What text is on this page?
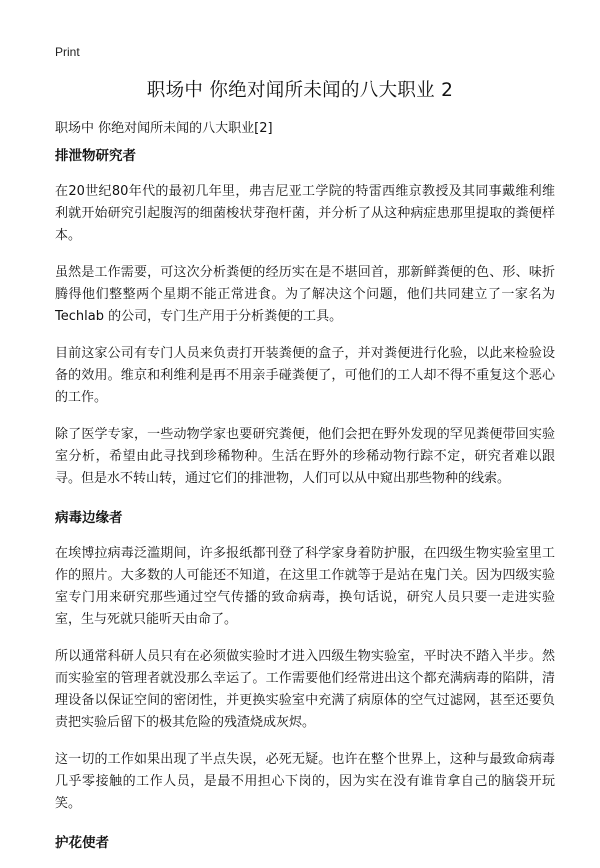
Print
职场中 你绝对闻所未闻的八大职业 2

职场中 你绝对闻所未闻的八大职业[2]

排泄物研究者

在20世纪80年代的最初几年里，弗吉尼亚工学院的特雷西维京教授及其同事戴维利维利就开始研究引起腹泻的细菌梭状芽孢杆菌，并分析了从这种病症患那里提取的粪便样本。

虽然是工作需要，可这次分析粪便的经历实在是不堪回首，那新鲜粪便的色、形、味折腾得他们整整两个星期不能正常进食。为了解决这个问题，他们共同建立了一家名为Techlab 的公司，专门生产用于分析粪便的工具。

目前这家公司有专门人员来负责打开装粪便的盒子，并对粪便进行化验，以此来检验设备的效用。维京和利维利是再不用亲手碰粪便了，可他们的工人却不得不重复这个恶心的工作。

除了医学专家，一些动物学家也要研究粪便，他们会把在野外发现的罕见粪便带回实验室分析，希望由此寻找到珍稀物种。生活在野外的珍稀动物行踪不定，研究者难以跟寻。但是水不转山转，通过它们的排泄物，人们可以从中窥出那些物种的线索。

病毒边缘者

在埃博拉病毒泛滥期间，许多报纸都刊登了科学家身着防护服，在四级生物实验室里工作的照片。大多数的人可能还不知道，在这里工作就等于是站在鬼门关。因为四级实验室专门用来研究那些通过空气传播的致命病毒，换句话说，研究人员只要一走进实验室，生与死就只能听天由命了。

所以通常科研人员只有在必须做实验时才进入四级生物实验室，平时决不踏入半步。然而实验室的管理者就没那么幸运了。工作需要他们经常进出这个都充满病毒的陷阱，清理设备以保证空间的密闭性，并更换实验室中充满了病原体的空气过滤网，甚至还要负责把实验后留下的极其危险的残渣烧成灰烬。

这一切的工作如果出现了半点失误，必死无疑。也许在整个世界上，这种与最致命病毒几乎零接触的工作人员，是最不用担心下岗的，因为实在没有谁肯拿自己的脑袋开玩笑。

护花使者
